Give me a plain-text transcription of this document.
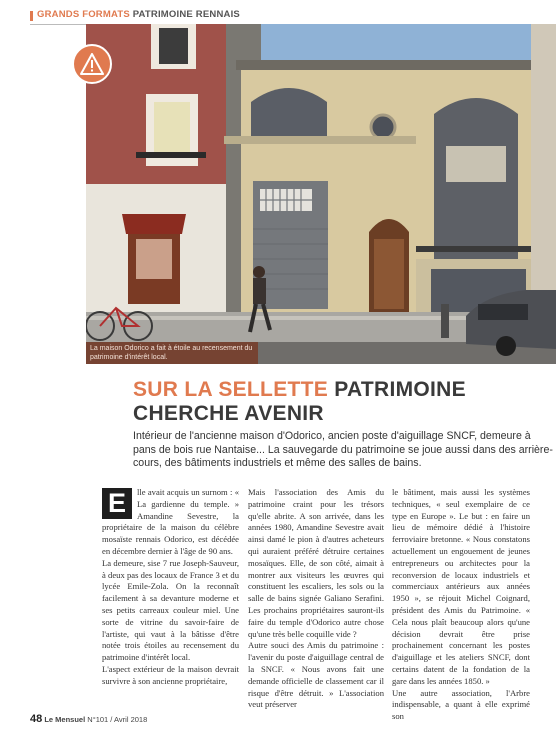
GRANDS FORMATS PATRIMOINE RENNAIS
La maison Odorico a fait à étoile au recensement du patrimoine d'intérêt local.
SUR LA SELLETTE PATRIMOINE
CHERCHE AVENIR

Intérieur de l'ancienne maison d'Odorico, ancien poste d'aiguillage SNCF, demeure à pans de bois rue Nantaise... La sauvegarde du patrimoine se joue aussi dans des arrière-cours, des bâtiments industriels et même des salles de bains.

E	lle avait acquis un surnom : « La gardienne du temple. » Amandine Sevestre, la propriétaire de la maison du célèbre mosaïste rennais Odorico, est décédée en décembre dernier à l'âge de 90 ans.

La demeure, sise 7 rue Joseph-Sauveur, à deux pas des locaux de France 3 et du lycée Emile-Zola. On la reconnaît facilement à sa devanture moderne et ses petits carreaux couleur miel. Une sorte de vitrine du savoir-faire de l'artiste, qui vaut à la bâtisse d'être notée trois étoiles au recensement du patrimoine d'intérêt local.

L'aspect extérieur de la maison devrait survivre à son ancienne propriétaire,

Mais l'association des Amis du patrimoine craint pour les trésors qu'elle abrite. A son arrivée, dans les années 1980, Amandine Sevestre avait ainsi damé le pion à d'autres acheteurs qui auraient préféré détruire certaines mosaïques. Elle, de son côté, aimait à montrer aux visiteurs les œuvres qui constituent les escaliers, les sols ou la salle de bains signée Galiano Serafini. Les prochains propriétaires sauront-ils faire du temple d'Odorico autre chose qu'une très belle coquille vide ?

Autre souci des Amis du patrimoine : l'avenir du poste d'aiguillage central de la SNCF. « Nous avons fait une demande officielle de classement car il risque d'être détruit. » L'association veut préserver

le bâtiment, mais aussi les systèmes techniques, « seul exemplaire de ce type en Europe ». Le but : en faire un lieu de mémoire dédié à l'histoire ferroviaire bretonne. « Nous constatons actuellement un engouement de jeunes entrepreneurs ou architectes pour la reconversion de locaux industriels et commerciaux antérieurs aux années 1950 », se réjouit Michel Coignard, président des Amis du Patrimoine. « Cela nous plaît beaucoup alors qu'une décision devrait être prise prochainement concernant les postes d'aiguillage et les ateliers SNCF, dont certains datent de la fondation de la gare dans les années 1850. »

Une autre association, l'Arbre indispensable, a quant à elle exprimé son

48 Le Mensuel N°101 / Avril 2018
